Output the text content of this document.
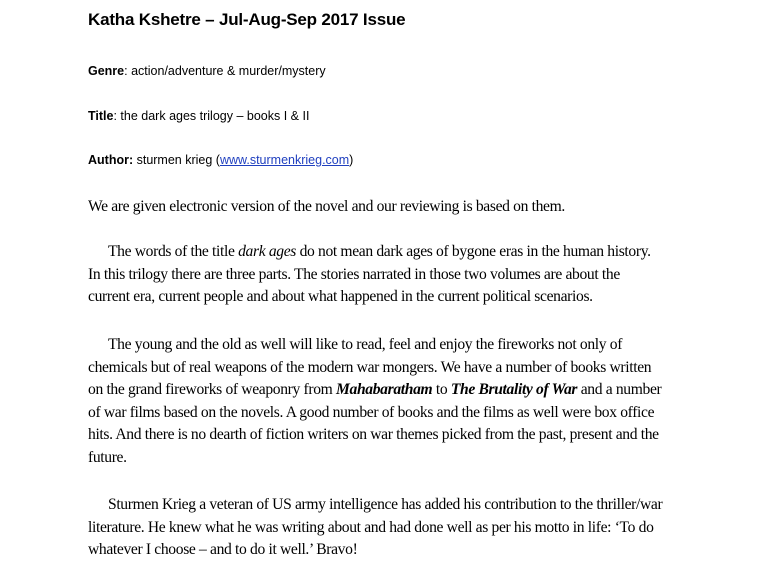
Katha Kshetre – Jul-Aug-Sep 2017 Issue
Genre: action/adventure & murder/mystery
Title: the dark ages trilogy – books I & II
Author: sturmen krieg (www.sturmenkrieg.com)
We are given electronic version of the novel and our reviewing is based on them.
The words of the title dark ages do not mean dark ages of bygone eras in the human history.
In this trilogy there are three parts. The stories narrated in those two volumes are about the
current era, current people and about what happened in the current political scenarios.
The young and the old as well will like to read, feel and enjoy the fireworks not only of
chemicals but of real weapons of the modern war mongers. We have a number of books written
on the grand fireworks of weaponry from Mahabaratham to The Brutality of War and a number
of war films based on the novels. A good number of books and the films as well were box office
hits. And there is no dearth of fiction writers on war themes picked from the past, present and the
future.
Sturmen Krieg a veteran of US army intelligence has added his contribution to the thriller/war
literature. He knew what he was writing about and had done well as per his motto in life: ‘To do
whatever I choose – and to do it well.’ Bravo!
